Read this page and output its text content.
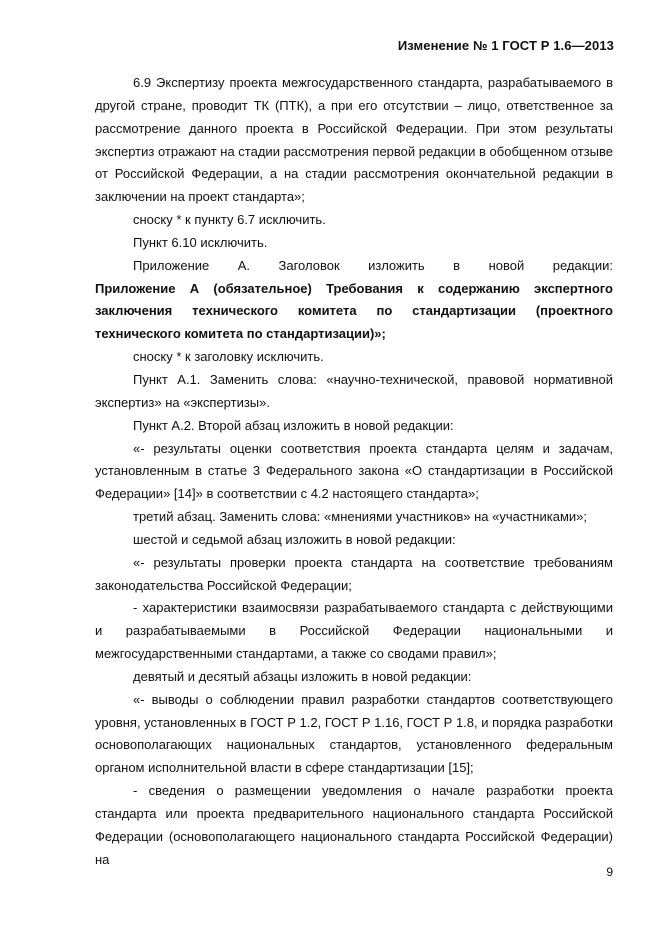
Изменение № 1 ГОСТ Р 1.6—2013

6.9 Экспертизу проекта межгосударственного стандарта, разрабатываемого в другой стране, проводит ТК (ПТК), а при его отсутствии – лицо, ответственное за рассмотрение данного проекта в Российской Федерации. При этом результаты экспертиз отражают на стадии рассмотрения первой редакции в обобщенном отзыве от Российской Федерации, а на стадии рассмотрения окончательной редакции в заключении на проект стандарта»;

сноску * к пункту 6.7 исключить.

Пункт 6.10 исключить.

Приложение А. Заголовок изложить в новой редакции:

Приложение А (обязательное) Требования к содержанию экспертного заключения технического комитета по стандартизации (проектного технического комитета по стандартизации)»;

сноску * к заголовку исключить.

Пункт А.1. Заменить слова: «научно-технической, правовой нормативной экспертиз» на «экспертизы».

Пункт А.2. Второй абзац изложить в новой редакции:

«- результаты оценки соответствия проекта стандарта целям и задачам, установленным в статье 3 Федерального закона «О стандартизации в Российской Федерации» [14]» в соответствии с 4.2 настоящего стандарта»;

третий абзац. Заменить слова: «мнениями участников» на «участниками»;

шестой и седьмой абзац изложить в новой редакции:

«- результаты проверки проекта стандарта на соответствие требованиям законодательства Российской Федерации;

- характеристики взаимосвязи разрабатываемого стандарта с действующими и разрабатываемыми в Российской Федерации национальными и межгосударственными стандартами, а также со сводами правил»;

девятый и десятый абзацы изложить в новой редакции:

«- выводы о соблюдении правил разработки стандартов соответствующего уровня, установленных в ГОСТ Р 1.2, ГОСТ Р 1.16, ГОСТ Р 1.8, и порядка разработки основополагающих национальных стандартов, установленного федеральным органом исполнительной власти в сфере стандартизации [15];

- сведения о размещении уведомления о начале разработки проекта стандарта или проекта предварительного национального стандарта Российской Федерации (основополагающего национального стандарта Российской Федерации) на

9
